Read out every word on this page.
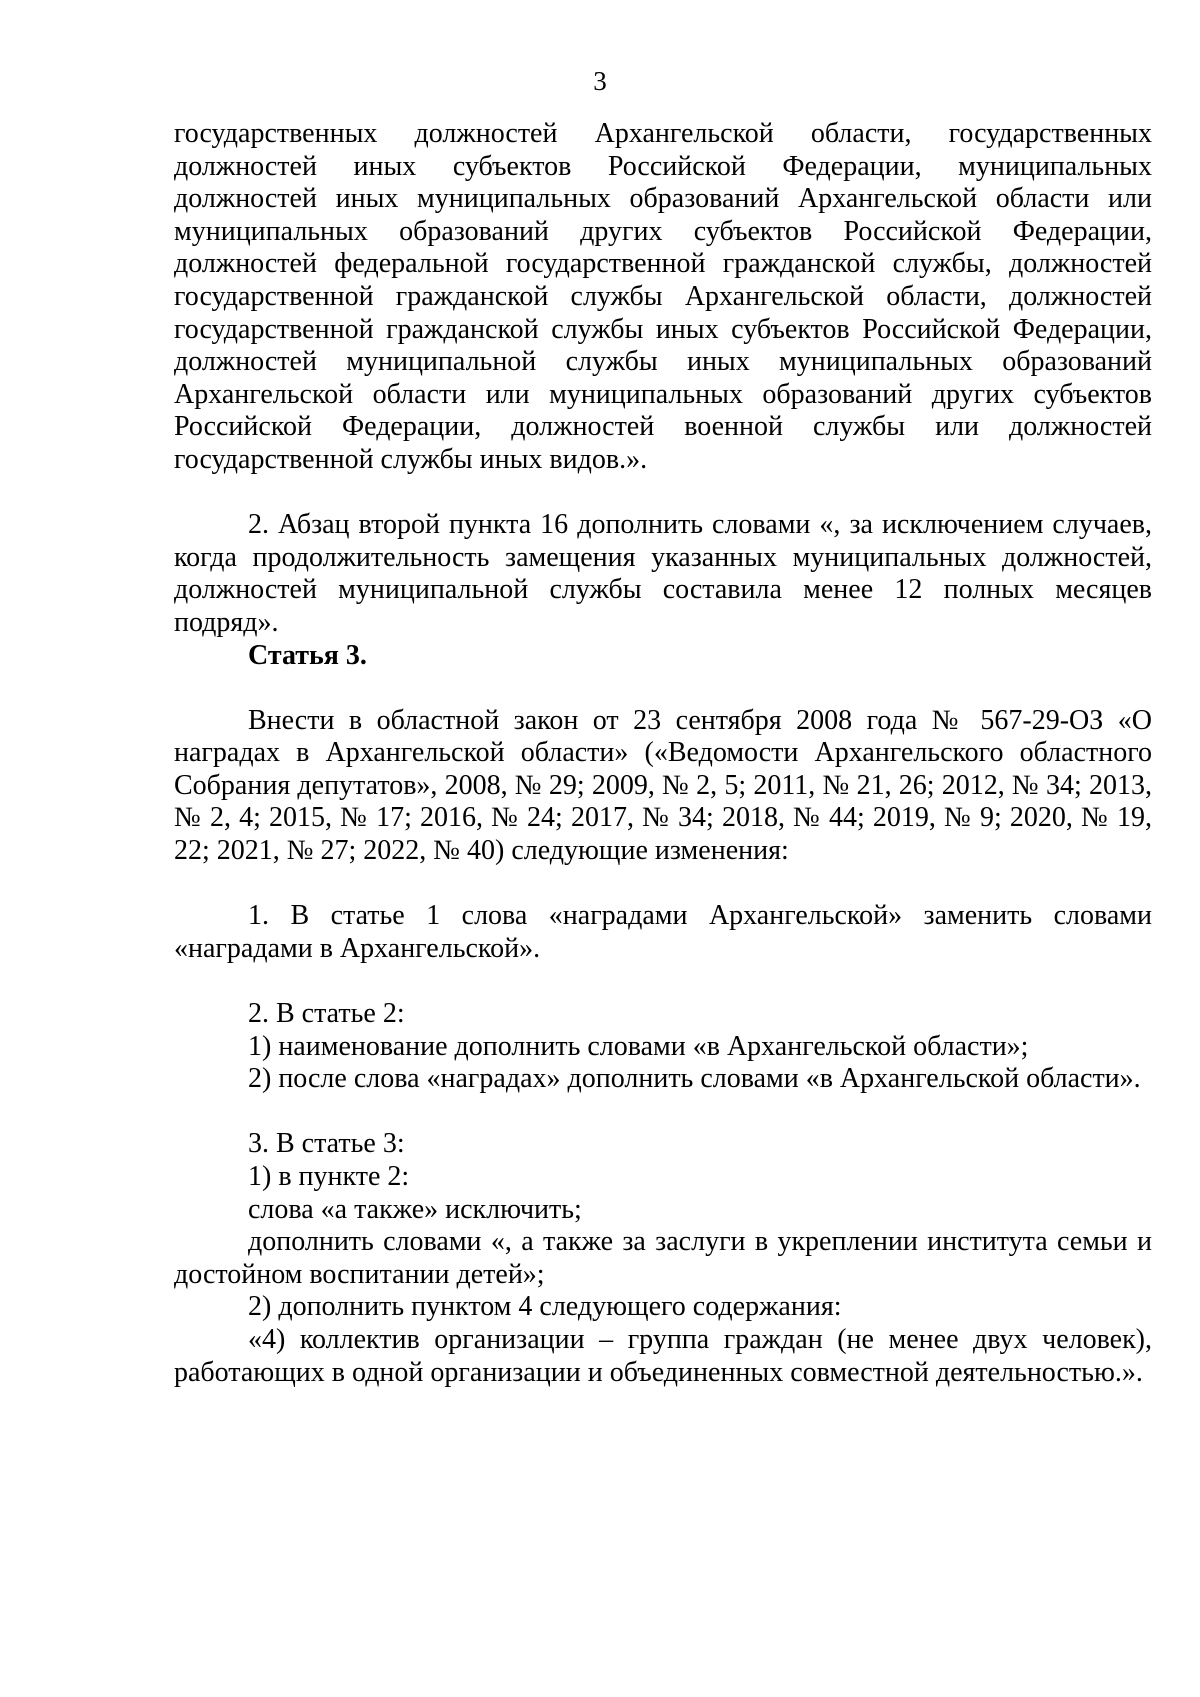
3

государственных должностей Архангельской области, государственных должностей иных субъектов Российской Федерации, муниципальных должностей иных муниципальных образований Архангельской области или муниципальных образований других субъектов Российской Федерации, должностей федеральной государственной гражданской службы, должностей государственной гражданской службы Архангельской области, должностей государственной гражданской службы иных субъектов Российской Федерации, должностей муниципальной службы иных муниципальных образований Архангельской области или муниципальных образований других субъектов Российской Федерации, должностей военной службы или должностей государственной службы иных видов.».

2. Абзац второй пункта 16 дополнить словами «, за исключением случаев, когда продолжительность замещения указанных муниципальных должностей, должностей муниципальной службы составила менее 12 полных месяцев подряд».

Статья 3.

Внести в областной закон от 23 сентября 2008 года № 567-29-ОЗ «О наградах в Архангельской области» («Ведомости Архангельского областного Собрания депутатов», 2008, № 29; 2009, № 2, 5; 2011, № 21, 26; 2012, № 34; 2013, № 2, 4; 2015, № 17; 2016, № 24; 2017, № 34; 2018, № 44; 2019, № 9; 2020, № 19, 22; 2021, № 27; 2022, № 40) следующие изменения:

1. В статье 1 слова «наградами Архангельской» заменить словами «наградами в Архангельской».

2. В статье 2:

1) наименование дополнить словами «в Архангельской области»;

2) после слова «наградах» дополнить словами «в Архангельской области».

3. В статье 3:

1) в пункте 2:

слова «а также» исключить;

дополнить словами «, а также за заслуги в укреплении института семьи и достойном воспитании детей»;

2) дополнить пунктом 4 следующего содержания:

«4) коллектив организации – группа граждан (не менее двух человек), работающих в одной организации и объединенных совместной деятельностью.».
